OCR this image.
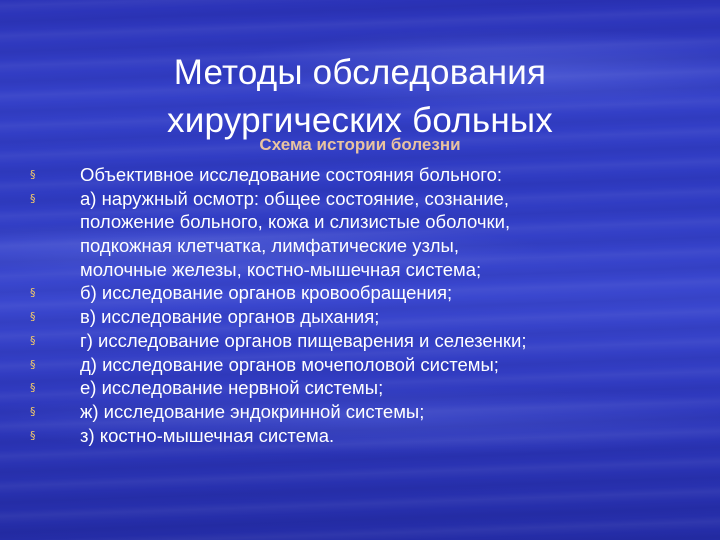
Методы обследования
хирургических больных
Схема истории болезни
§	Объективное исследование состояния больного:
§	а) наружный осмотр: общее состояние, сознание,
положение больного, кожа и слизистые оболочки,
подкожная клетчатка, лимфатические узлы,
молочные железы, костно-мышечная система;
§	б) исследование органов кровообращения;
§	в) исследование органов дыхания;
§	г) исследование органов пищеварения и селезенки;
§	д) исследование органов мочеполовой системы;
§	е) исследование нервной системы;
§	ж) исследование эндокринной системы;
§	з) костно-мышечная система.
